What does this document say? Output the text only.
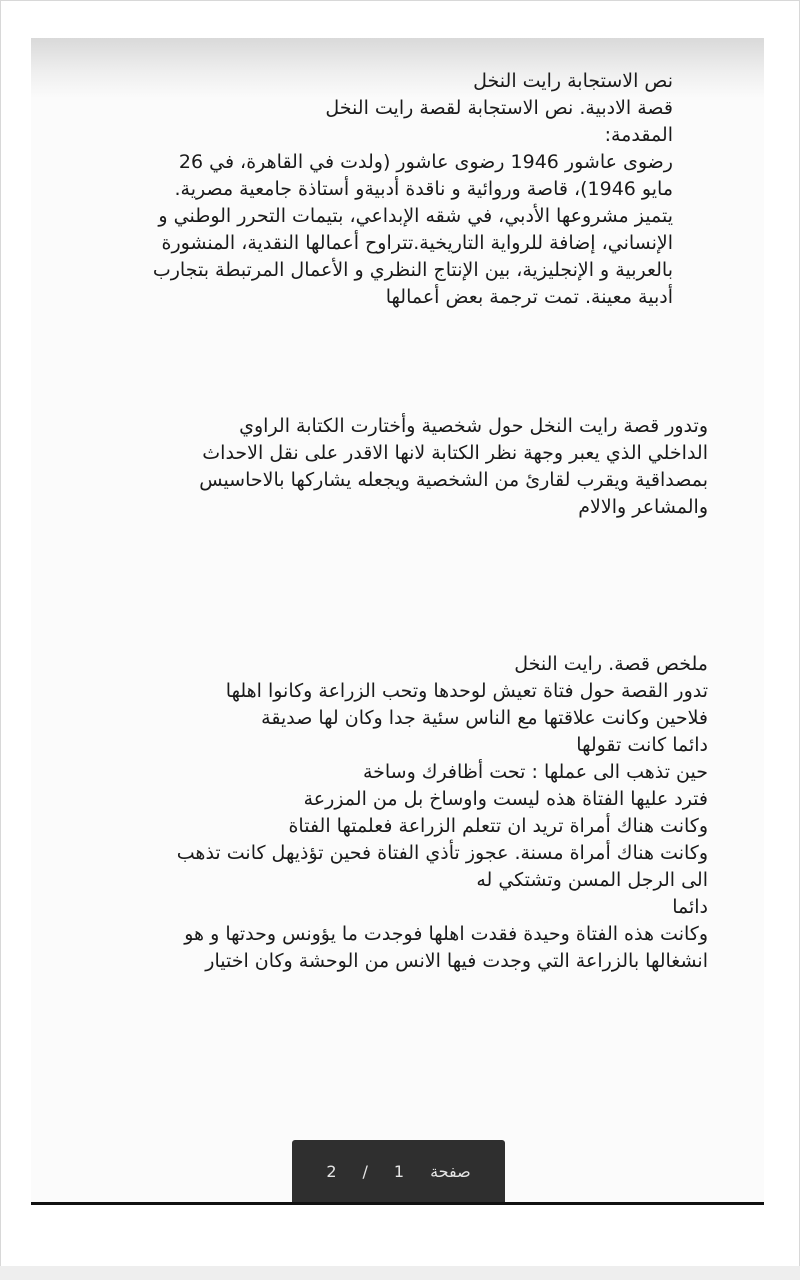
نص الاستجابة رايت النخل
قصة الادبية. نص الاستجابة لقصة رايت النخل
المقدمة:
رضوى عاشور 1946 رضوى عاشور (ولدت في القاهرة، في 26
مايو 1946)، قاصة وروائية و ناقدة أدبيةو أستاذة جامعية مصرية.
يتميز مشروعها الأدبي، في شقه الإبداعي، بتيمات التحرر الوطني و
الإنساني، إضافة للرواية التاريخية.تتراوح أعمالها النقدية، المنشورة
بالعربية و الإنجليزية، بين الإنتاج النظري و الأعمال المرتبطة بتجارب
أدبية معينة. تمت ترجمة بعض أعمالها
وتدور قصة رايت النخل حول شخصية وأختارت الكتابة الراوي
الداخلي الذي يعبر وجهة نظر الكتابة لانها الاقدر على نقل الاحداث
بمصداقية ويقرب لقارئ من الشخصية ويجعله يشاركها بالاحاسيس
والمشاعر والالام
ملخص قصة. رايت النخل
تدور القصة حول فتاة تعيش لوحدها وتحب الزراعة وكانوا اهلها
فلاحين وكانت علاقتها مع الناس سئية جدا وكان لها صديقة
دائما كانت تقولها
حين تذهب الى عملها : تحت أظافرك وساخة
فترد عليها الفتاة هذه ليست واوساخ بل من المزرعة
وكانت هناك أمراة تريد ان تتعلم الزراعة فعلمتها الفتاة
وكانت هناك أمراة مسنة. عجوز تأذي الفتاة فحين تؤذيهل كانت تذهب
الى الرجل المسن وتشتكي له
دائما
وكانت هذه الفتاة وحيدة فقدت اهلها فوجدت ما يؤونس وحدتها و هو
انشغالها بالزراعة التي وجدت فيها الانس من الوحشة وكان اختيار
صفحة
1
/
2
